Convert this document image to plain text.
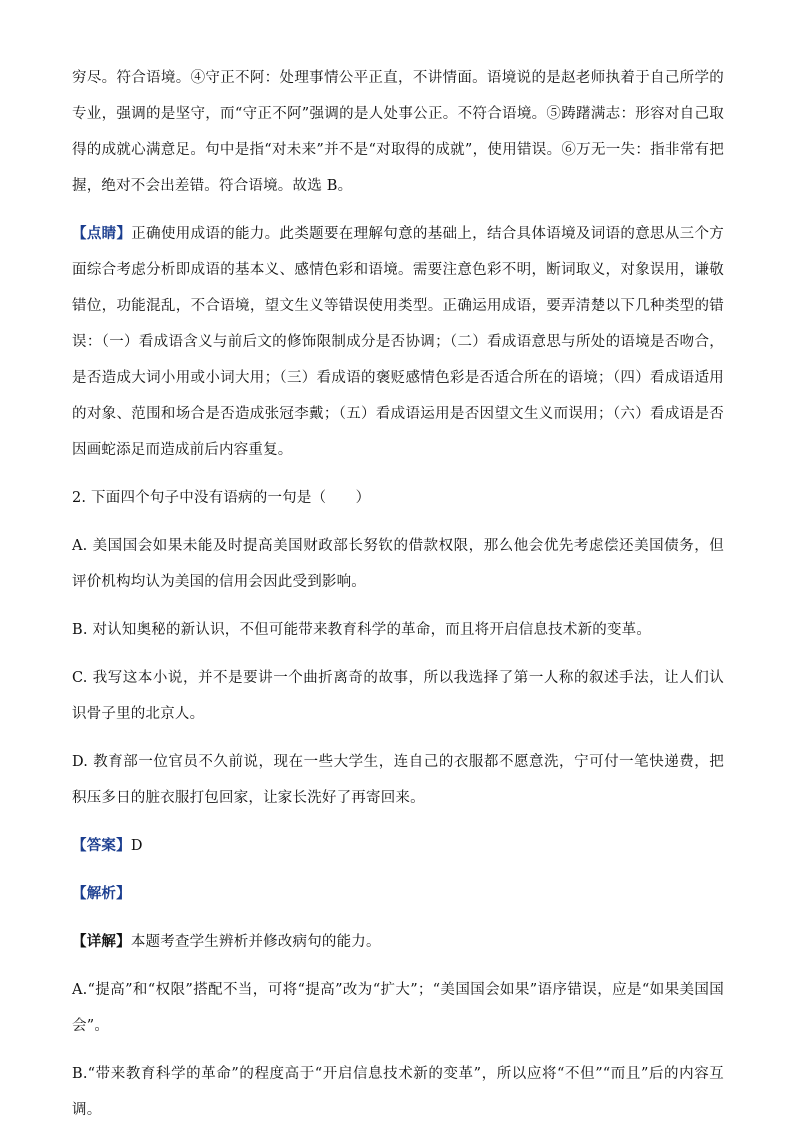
穷尽。符合语境。④守正不阿：处理事情公平正直，不讲情面。语境说的是赵老师执着于自己所学的专业，强调的是坚守，而“守正不阿”强调的是人处事公正。不符合语境。⑤踌躇满志：形容对自己取得的成就心满意足。句中是指“对未来”并不是“对取得的成就”，使用错误。⑥万无一失：指非常有把握，绝对不会出差错。符合语境。故选 B。

【点睛】正确使用成语的能力。此类题要在理解句意的基础上，结合具体语境及词语的意思从三个方面综合考虑分析即成语的基本义、感情色彩和语境。需要注意色彩不明，断词取义，对象误用，谦敬错位，功能混乱，不合语境，望文生义等错误使用类型。正确运用成语，要弄清楚以下几种类型的错误：（一）看成语含义与前后文的修饰限制成分是否协调；（二）看成语意思与所处的语境是否吻合，是否造成大词小用或小词大用；（三）看成语的褒贬感情色彩是否适合所在的语境；（四）看成语适用的对象、范围和场合是否造成张冠李戴；（五）看成语运用是否因望文生义而误用；（六）看成语是否因画蛇添足而造成前后内容重复。

2. 下面四个句子中没有语病的一句是（　　）

A. 美国国会如果未能及时提高美国财政部长努钦的借款权限，那么他会优先考虑偿还美国债务，但评价机构均认为美国的信用会因此受到影响。

B. 对认知奥秘的新认识，不但可能带来教育科学的革命，而且将开启信息技术新的变革。

C. 我写这本小说，并不是要讲一个曲折离奇的故事，所以我选择了第一人称的叙述手法，让人们认识骨子里的北京人。

D. 教育部一位官员不久前说，现在一些大学生，连自己的衣服都不愿意洗，宁可付一笔快递费，把积压多日的脏衣服打包回家，让家长洗好了再寄回来。

【答案】D

【解析】

【详解】本题考查学生辨析并修改病句的能力。

A.“提高”和“权限”搭配不当，可将“提高”改为“扩大”；“美国国会如果”语序错误，应是“如果美国国会”。

B.“带来教育科学的革命”的程度高于“开启信息技术新的变革”，所以应将“不但”“而且”后的内容互调。
